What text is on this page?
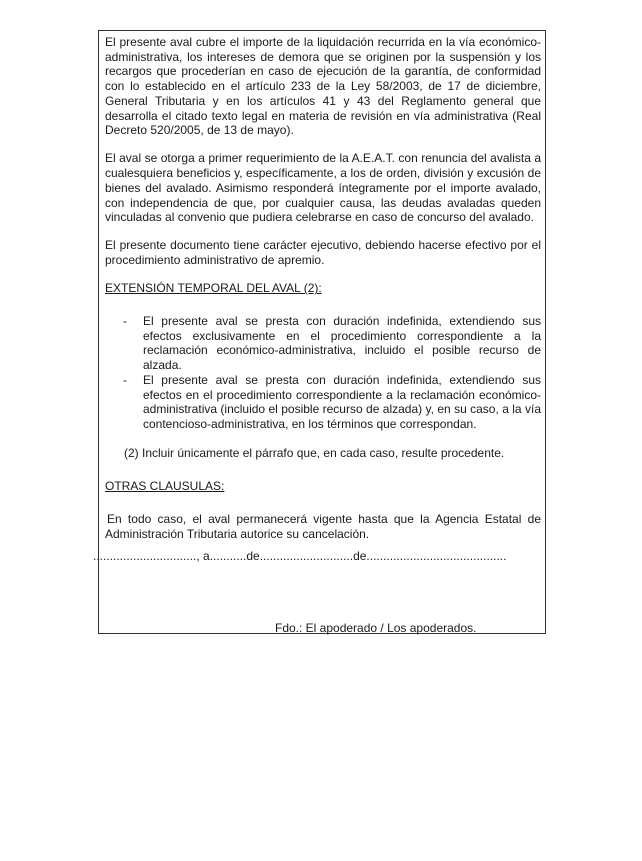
El presente aval cubre el importe de la liquidación recurrida en la vía económico-administrativa, los intereses de demora que se originen por la suspensión y los recargos que procederían en caso de ejecución de la garantía, de conformidad con lo establecido en el artículo 233 de la Ley 58/2003, de 17 de diciembre, General Tributaria y en los artículos 41 y 43 del Reglamento general que desarrolla el citado texto legal en materia de revisión en vía administrativa (Real Decreto 520/2005, de 13 de mayo).

El aval se otorga a primer requerimiento de la A.E.A.T. con renuncia del avalista a cualesquiera beneficios y, específicamente, a los de orden, división y excusión de bienes del avalado. Asimismo responderá íntegramente por el importe avalado, con independencia de que, por cualquier causa, las deudas avaladas queden vinculadas al convenio que pudiera celebrarse en caso de concurso del avalado.

El presente documento tiene carácter ejecutivo, debiendo hacerse efectivo por el procedimiento administrativo de apremio.

EXTENSIÓN TEMPORAL DEL AVAL (2):
- El presente aval se presta con duración indefinida, extendiendo sus efectos exclusivamente en el procedimiento correspondiente a la reclamación económico-administrativa, incluido el posible recurso de alzada.
- El presente aval se presta con duración indefinida, extendiendo sus efectos en el procedimiento correspondiente a la reclamación económico-administrativa (incluido el posible recurso de alzada) y, en su caso, a la vía contencioso-administrativa, en los términos que correspondan.

(2) Incluir únicamente el párrafo que, en cada caso, resulte procedente.

OTRAS CLAUSULAS:

En todo caso, el aval permanecerá vigente hasta que la Agencia Estatal de Administración Tributaria autorice su cancelación.

..............................., a...........de............................de..........................................
Fdo.: El apoderado / Los apoderados.
